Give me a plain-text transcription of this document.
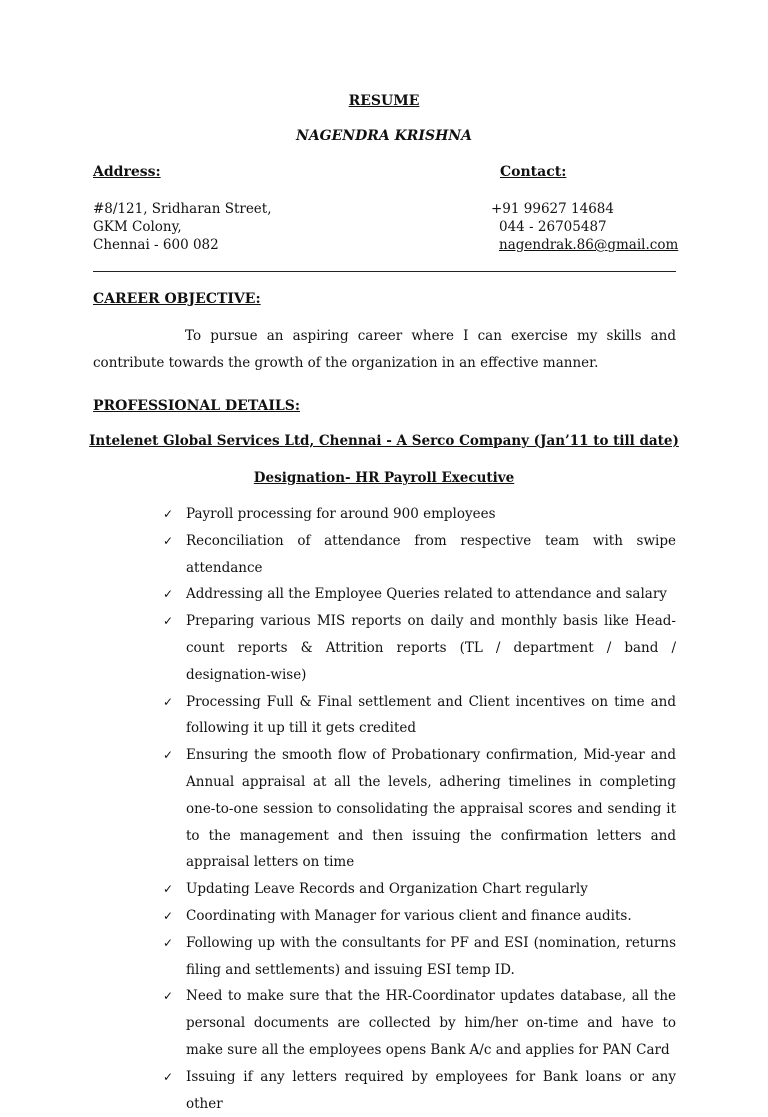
RESUME
NAGENDRA KRISHNA
Address:	Contact:
#8/121, Sridharan Street,
GKM Colony,
Chennai - 600 082
+91 99627 14684
044 - 26705487
nagendrak.86@gmail.com
CAREER OBJECTIVE:
To pursue an aspiring career where I can exercise my skills and contribute towards the growth of the organization in an effective manner.
PROFESSIONAL DETAILS:
Intelenet Global Services Ltd, Chennai - A Serco Company (Jan’11 to till date)
Designation- HR Payroll Executive
✓ Payroll processing for around 900 employees
✓ Reconciliation of attendance from respective team with swipe attendance
✓ Addressing all the Employee Queries related to attendance and salary
✓ Preparing various MIS reports on daily and monthly basis like Head-count reports & Attrition reports (TL / department / band / designation-wise)
✓ Processing Full & Final settlement and Client incentives on time and following it up till it gets credited
✓ Ensuring the smooth flow of Probationary confirmation, Mid-year and Annual appraisal at all the levels, adhering timelines in completing one-to-one session to consolidating the appraisal scores and sending it to the management and then issuing the confirmation letters and appraisal letters on time
✓ Updating Leave Records and Organization Chart regularly
✓ Coordinating with Manager for various client and finance audits.
✓ Following up with the consultants for PF and ESI (nomination, returns filing and settlements) and issuing ESI temp ID.
✓ Need to make sure that the HR-Coordinator updates database, all the personal documents are collected by him/her on-time and have to make sure all the employees opens Bank A/c and applies for PAN Card
✓ Issuing if any letters required by employees for Bank loans or any other
